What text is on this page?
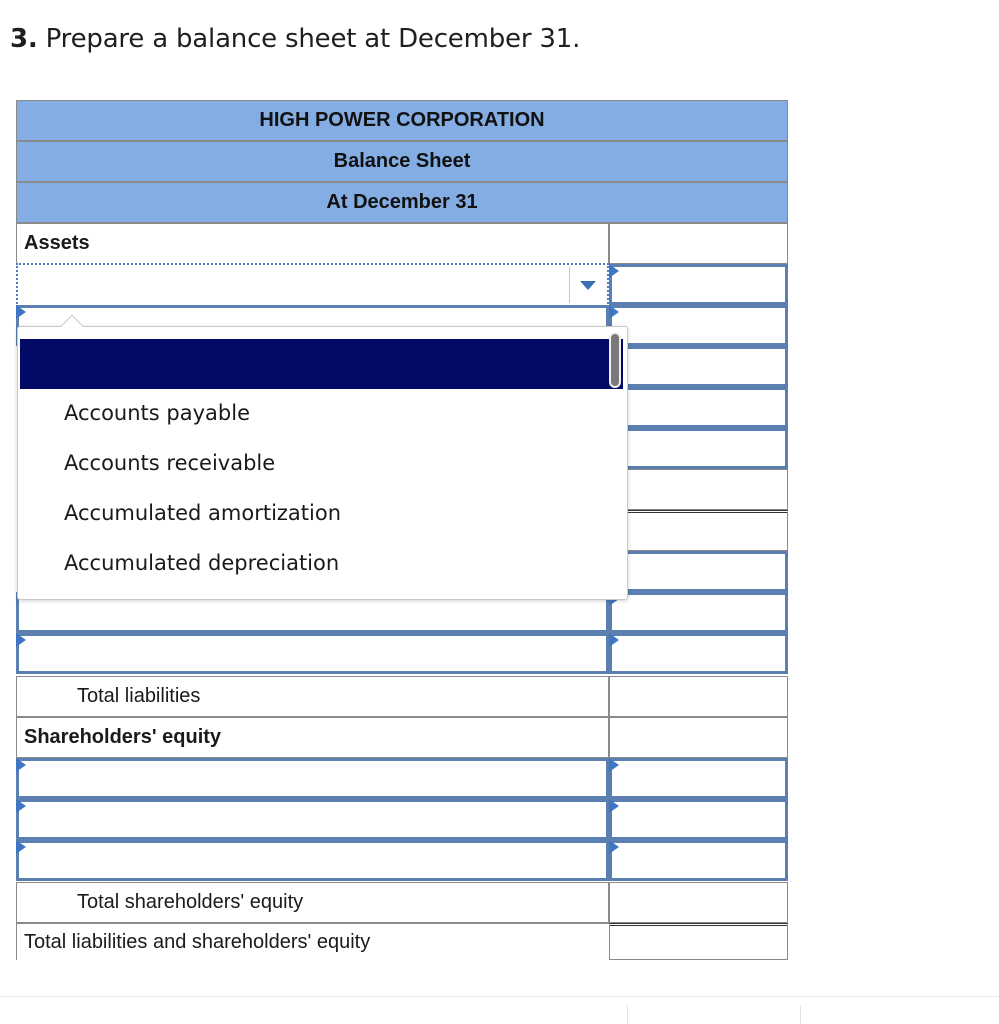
3. Prepare a balance sheet at December 31.
HIGH POWER CORPORATION
Balance Sheet
At December 31
Assets
Total liabilities
Shareholders' equity
Total shareholders' equity
Total liabilities and shareholders' equity
Accounts payable
Accounts receivable
Accumulated amortization
Accumulated depreciation
